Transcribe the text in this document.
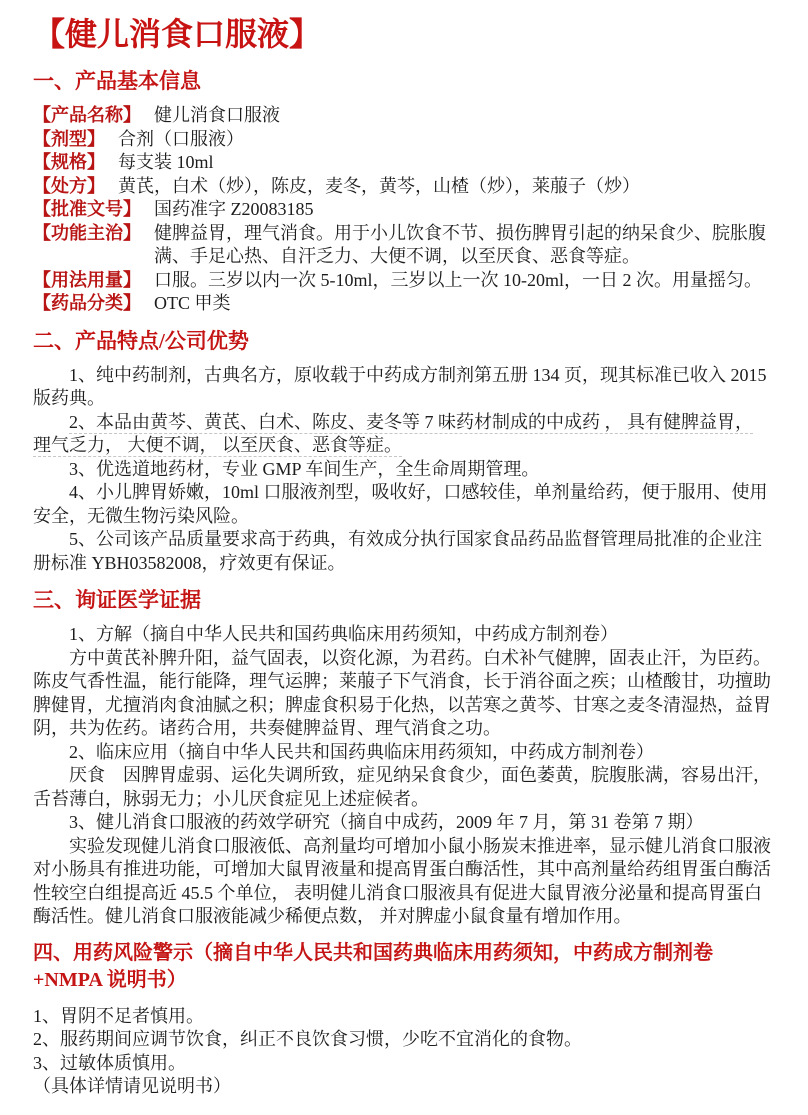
【健儿消食口服液】
一、产品基本信息
【产品名称】 健儿消食口服液
【剂型】 合剂（口服液）
【规格】 每支装 10ml
【处方】 黄芪，白术（炒），陈皮，麦冬，黄芩，山楂（炒），莱菔子（炒）
【批准文号】 国药准字 Z20083185
【功能主治】 健脾益胃，理气消食。用于小儿饮食不节、损伤脾胃引起的纳呆食少、脘胀腹满、手足心热、自汗乏力、大便不调，以至厌食、恶食等症。
【用法用量】 口服。三岁以内一次 5-10ml，三岁以上一次 10-20ml，一日 2 次。用量摇匀。
【药品分类】 OTC 甲类
二、产品特点/公司优势

1、纯中药制剂，古典名方，原收载于中药成方制剂第五册 134 页，现其标准已收入 2015 版药典。

2、本品由黄芩、黄芪、白术、陈皮、麦冬等 7 味药材制成的中成药 ， 具有健脾益胃， 理气乏力， 大便不调， 以至厌食、恶食等症。

3、优选道地药材，专业 GMP 车间生产，全生命周期管理。

4、小儿脾胃娇嫩，10ml 口服液剂型，吸收好，口感较佳，单剂量给药，便于服用、使用安全，无微生物污染风险。

5、公司该产品质量要求高于药典，有效成分执行国家食品药品监督管理局批准的企业注册标准 YBH03582008，疗效更有保证。

三、询证医学证据

1、方解（摘自中华人民共和国药典临床用药须知，中药成方制剂卷）

方中黄芪补脾升阳，益气固表，以资化源，为君药。白术补气健脾，固表止汗，为臣药。陈皮气香性温，能行能降，理气运脾；莱菔子下气消食，长于消谷面之疾；山楂酸甘，功擅助脾健胃，尤擅消肉食油腻之积；脾虚食积易于化热，以苦寒之黄芩、甘寒之麦冬清湿热，益胃阴，共为佐药。诸药合用，共奏健脾益胃、理气消食之功。

2、临床应用（摘自中华人民共和国药典临床用药须知，中药成方制剂卷）

厌食　因脾胃虚弱、运化失调所致，症见纳呆食食少，面色萎黄，脘腹胀满，容易出汗，舌苔薄白，脉弱无力；小儿厌食症见上述症候者。

3、健儿消食口服液的药效学研究（摘自中成药，2009 年 7 月，第 31 卷第 7 期）

实验发现健儿消食口服液低、高剂量均可增加小鼠小肠炭末推进率，显示健儿消食口服液对小肠具有推进功能，可增加大鼠胃液量和提高胃蛋白酶活性，其中高剂量给药组胃蛋白酶活性较空白组提高近 45.5 个单位， 表明健儿消食口服液具有促进大鼠胃液分泌量和提高胃蛋白酶活性。健儿消食口服液能减少稀便点数， 并对脾虚小鼠食量有增加作用。

四、用药风险警示（摘自中华人民共和国药典临床用药须知，中药成方制剂卷+NMPA 说明书）

1、胃阴不足者慎用。

2、服药期间应调节饮食，纠正不良饮食习惯，少吃不宜消化的食物。

3、过敏体质慎用。

（具体详情请见说明书）
